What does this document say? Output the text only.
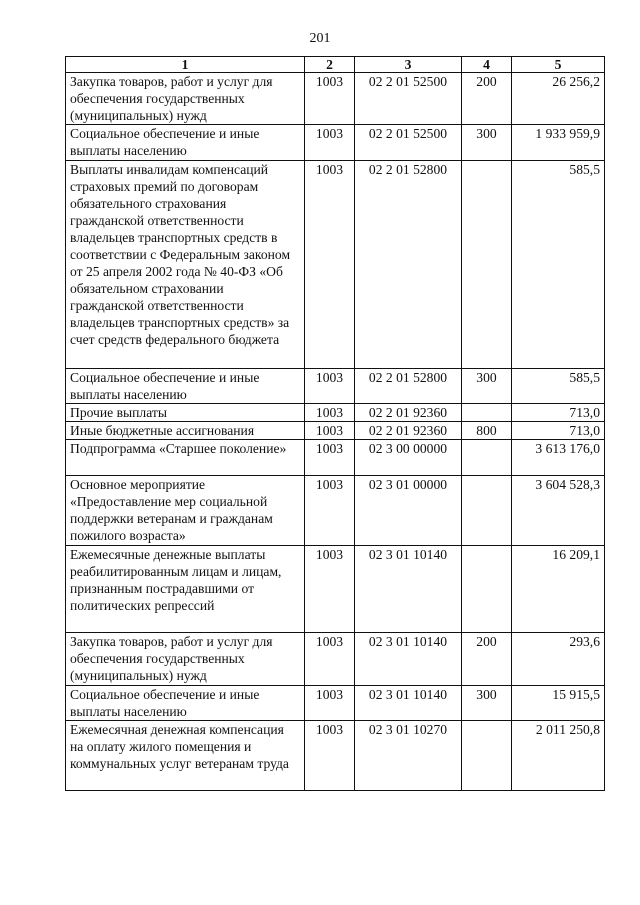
201
1	2	3	4	5
Закупка товаров, работ и услуг для обеспечения государственных (муниципальных) нужд	1003	02 2 01 52500	200	26 256,2
Социальное обеспечение и иные выплаты населению	1003	02 2 01 52500	300	1 933 959,9
Выплаты инвалидам компенсаций страховых премий по договорам обязательного страхования гражданской ответственности владельцев транспортных средств в соответствии с Федеральным законом от 25 апреля 2002 года № 40-ФЗ «Об обязательном страховании гражданской ответственности владельцев транспортных средств» за счет средств федерального бюджета	1003	02 2 01 52800		585,5
Социальное обеспечение и иные выплаты населению	1003	02 2 01 52800	300	585,5
Прочие выплаты	1003	02 2 01 92360		713,0
Иные бюджетные ассигнования	1003	02 2 01 92360	800	713,0
Подпрограмма «Старшее поколение»	1003	02 3 00 00000		3 613 176,0
Основное мероприятие «Предоставление мер социальной поддержки ветеранам и гражданам пожилого возраста»	1003	02 3 01 00000		3 604 528,3
Ежемесячные денежные выплаты реабилитированным лицам и лицам, признанным пострадавшими от политических репрессий	1003	02 3 01 10140		16 209,1
Закупка товаров, работ и услуг для обеспечения государственных (муниципальных) нужд	1003	02 3 01 10140	200	293,6
Социальное обеспечение и иные выплаты населению	1003	02 3 01 10140	300	15 915,5
Ежемесячная денежная компенсация на оплату жилого помещения и коммунальных услуг ветеранам труда	1003	02 3 01 10270		2 011 250,8
